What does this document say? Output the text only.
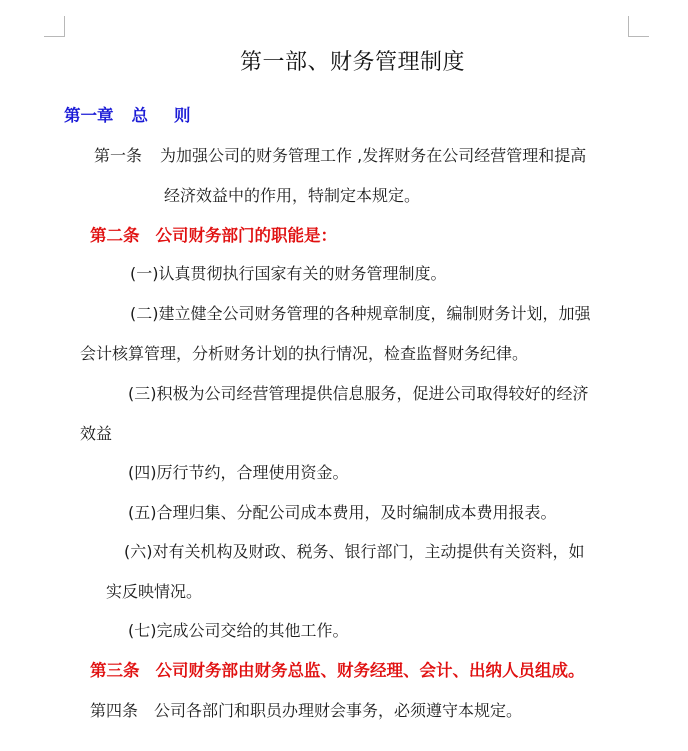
第一部、财务管理制度
第一章 总 则
第一条 为加强公司的财务管理工作 ,发挥财务在公司经营管理和提高
经济效益中的作用，特制定本规定。
第二条 公司财务部门的职能是：
(一)认真贯彻执行国家有关的财务管理制度。
(二)建立健全公司财务管理的各种规章制度，编制财务计划，加强
会计核算管理，分析财务计划的执行情况，检查监督财务纪律。
(三)积极为公司经营管理提供信息服务，促进公司取得较好的经济
效益
(四)厉行节约，合理使用资金。
(五)合理归集、分配公司成本费用，及时编制成本费用报表。
(六)对有关机构及财政、税务、银行部门，主动提供有关资料，如
实反映情况。
(七)完成公司交给的其他工作。
第三条 公司财务部由财务总监、财务经理、会计、出纳人员组成。
第四条 公司各部门和职员办理财会事务，必须遵守本规定。
